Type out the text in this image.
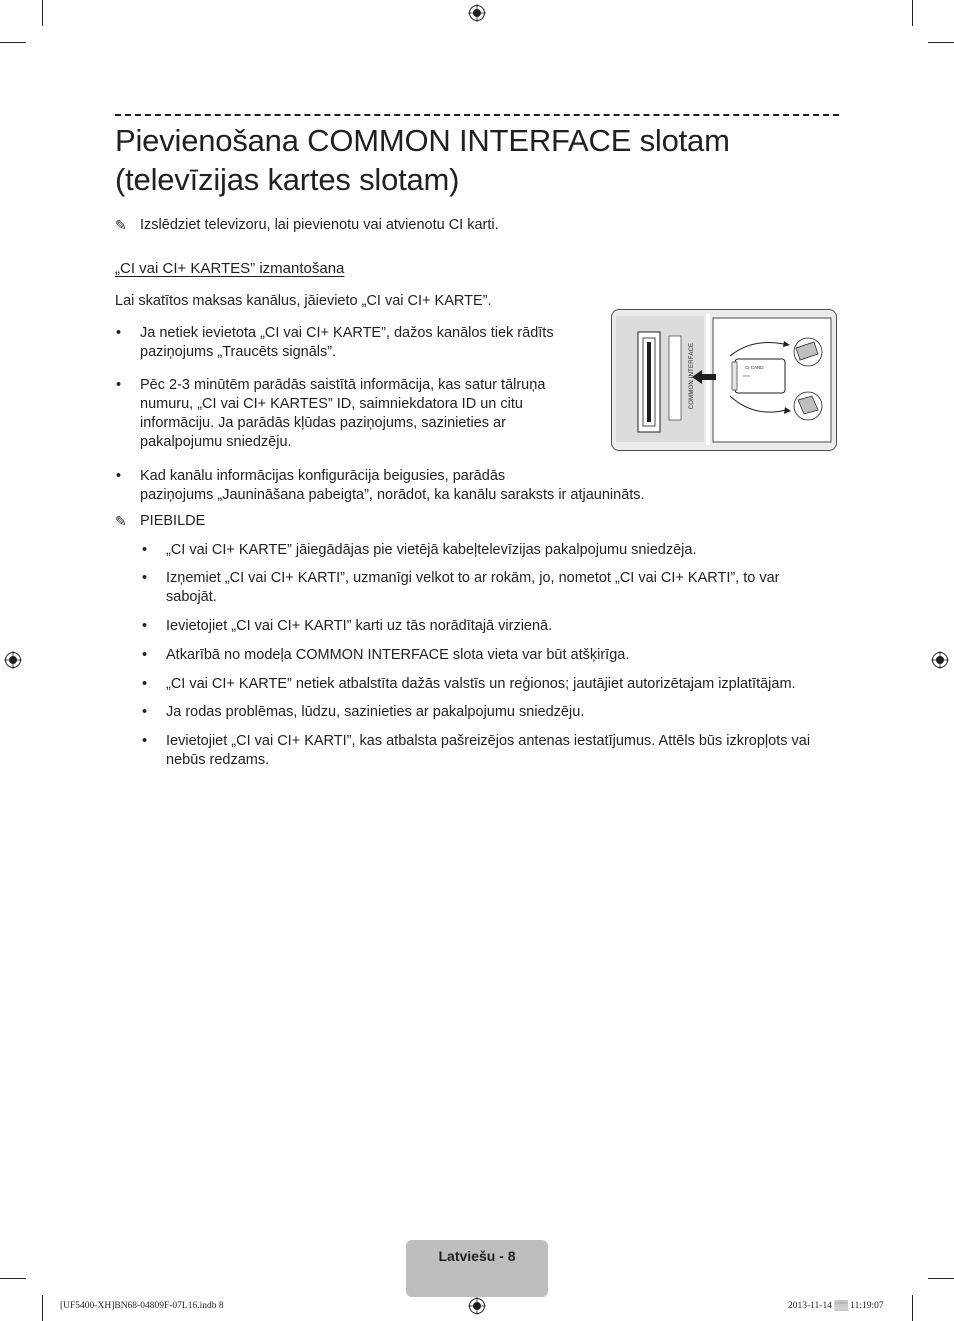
Pievienošana COMMON INTERFACE slotam
(televīzijas kartes slotam)
✎ Izslēdziet televizoru, lai pievienotu vai atvienotu CI karti.
„CI vai CI+ KARTES” izmantošana
Lai skatītos maksas kanālus, jāievieto „CI vai CI+ KARTE”.
• Ja netiek ievietota „CI vai CI+ KARTE”, dažos kanālos tiek rādīts
paziņojums „Traucēts signāls”.
• Pēc 2-3 minūtēm parādās saistītā informācija, kas satur tālruņa
numuru, „CI vai CI+ KARTES” ID, saimniekdatora ID un citu
informāciju. Ja parādās kļūdas paziņojums, sazinieties ar
pakalpojumu sniedzēju.
• Kad kanālu informācijas konfigurācija beigusies, parādās
paziņojums „Jaunināšana pabeigta”, norādot, ka kanālu saraksts ir atjaunināts.
CI CARD
COMMON INTERFACE
✎ PIEBILDE
• „CI vai CI+ KARTE” jāiegādājas pie vietējā kabeļtelevīzijas pakalpojumu sniedzēja.
• Izņemiet „CI vai CI+ KARTI”, uzmanīgi velkot to ar rokām, jo, nometot „CI vai CI+ KARTI”, to var
sabojāt.
• Ievietojiet „CI vai CI+ KARTI” karti uz tās norādītajā virzienā.
• Atkarībā no modeļa COMMON INTERFACE slota vieta var būt atšķirīga.
• „CI vai CI+ KARTE” netiek atbalstīta dažās valstīs un reģionos; jautājiet autorizētajam izplatītājam.
• Ja rodas problēmas, lūdzu, sazinieties ar pakalpojumu sniedzēju.
• Ievietojiet „CI vai CI+ KARTI”, kas atbalsta pašreizējos antenas iestatījumus. Attēls būs izkropļots vai
nebūs redzams.
Latviešu - 8
[UF5400-XH]BN68-04809F-07L16.indb 8	2013-11-14 ▒▒ 11:19:07
